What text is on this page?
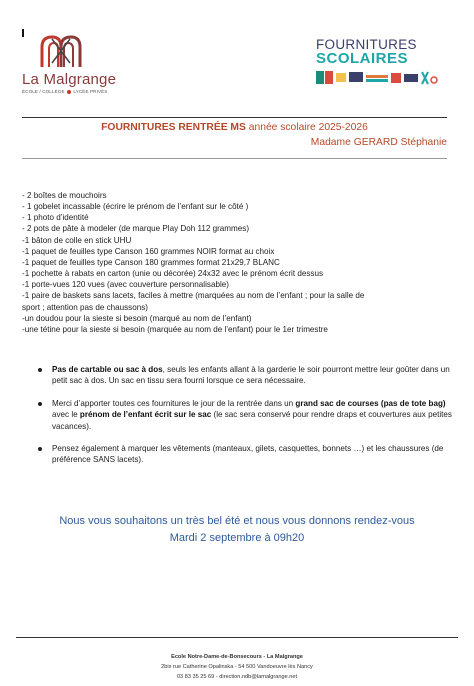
La Malgrange
ÉCOLE / COLLÈGE LYCÉE PRIVÉS
FOURNITURES
SCOLAIRES
FOURNITURES RENTRÉE MS année scolaire 2025-2026
Madame GERARD Stéphanie
- 2 boîtes de mouchoirs
- 1 gobelet incassable (écrire le prénom de l’enfant sur le côté )
- 1 photo d’identité
- 2 pots de pâte à modeler (de marque Play Doh 112 grammes)
-1 bâton de colle en stick UHU
-1 paquet de feuilles type Canson 160 grammes NOIR format au choix
-1 paquet de feuilles type Canson 180 grammes format 21x29,7 BLANC
-1 pochette à rabats en carton (unie ou décorée) 24x32 avec le prénom écrit dessus
-1 porte-vues 120 vues (avec couverture personnalisable)
-1 paire de baskets sans lacets, faciles à mettre (marquées au nom de l’enfant ; pour la salle de
sport ; attention pas de chaussons)
-un doudou pour la sieste si besoin (marqué au nom de l’enfant)
-une tétine pour la sieste si besoin (marquée au nom de l’enfant) pour le 1er trimestre
Pas de cartable ou sac à dos, seuls les enfants allant à la garderie le soir pourront mettre leur goûter dans un petit sac à dos. Un sac en tissu sera fourni lorsque ce sera nécessaire.
Merci d’apporter toutes ces fournitures le jour de la rentrée dans un grand sac de courses (pas de tote bag) avec le prénom de l’enfant écrit sur le sac (le sac sera conservé pour rendre draps et couvertures aux petites vacances).
Pensez également à marquer les vêtements (manteaux, gilets, casquettes, bonnets …) et les chaussures (de préférence SANS lacets).
Nous vous souhaitons un très bel été et nous vous donnons rendez-vous
Mardi 2 septembre à 09h20
Ecole Notre-Dame-de-Bonsecours - La Malgrange
2bis rue Catherine Opalinska - 54 500 Vandoeuvre lès Nancy
03 83 35 25 69 - direction.ndb@lamalgrange.net
